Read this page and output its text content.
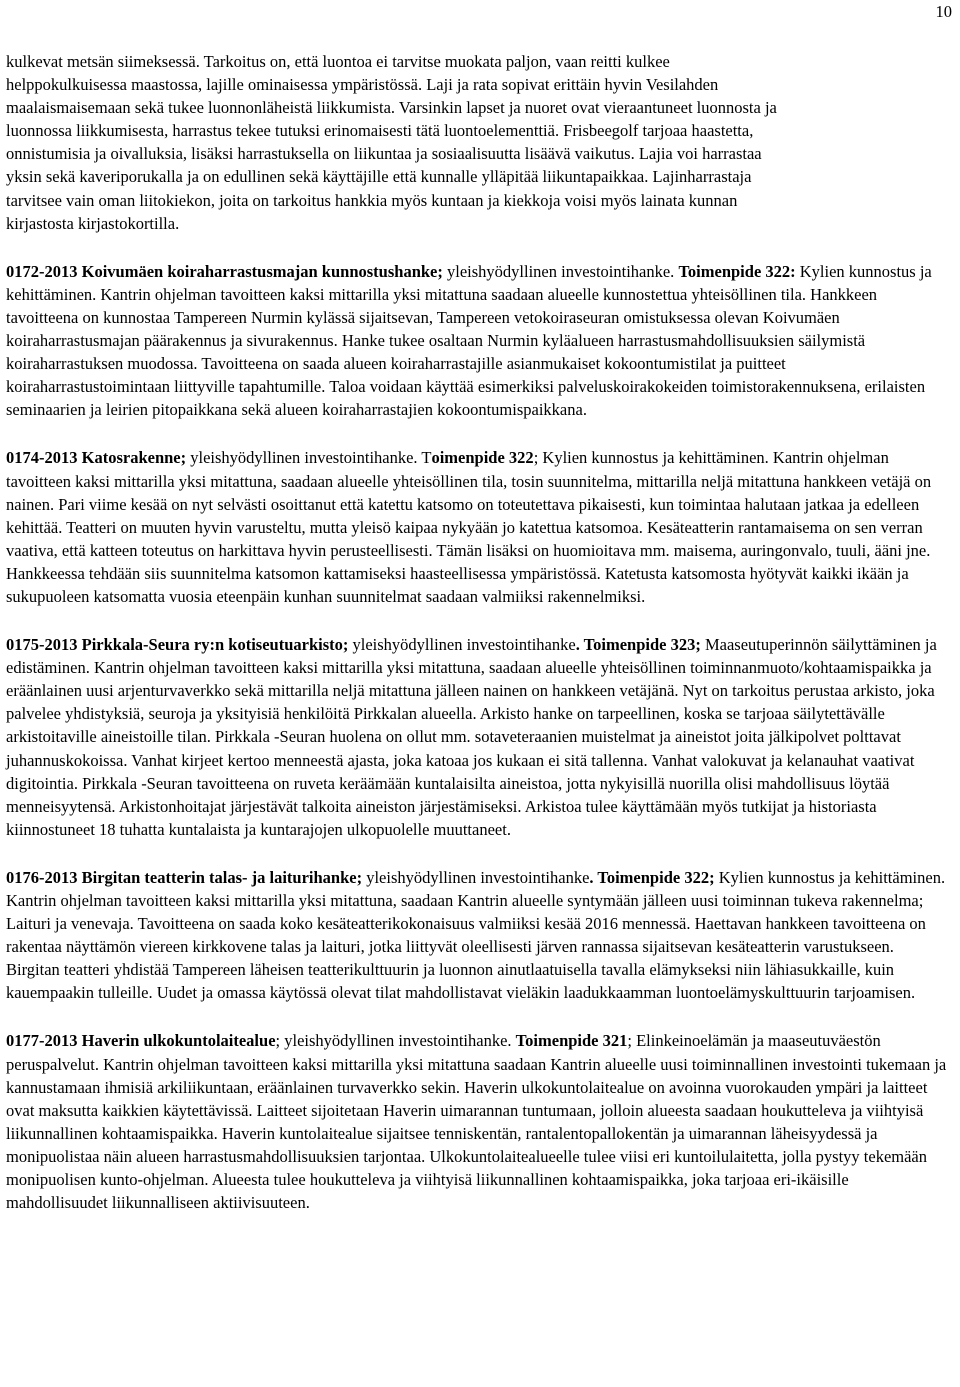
10

kulkevat metsän siimeksessä. Tarkoitus on, että luontoa ei tarvitse muokata paljon, vaan reitti kulkee
helppokulkuisessa maastossa, lajille ominaisessa ympäristössä. Laji ja rata sopivat erittäin hyvin Vesilahden
maalaismaisemaan sekä tukee luonnonläheistä liikkumista. Varsinkin lapset ja nuoret ovat vieraantuneet luonnosta ja
luonnossa liikkumisesta, harrastus tekee tutuksi erinomaisesti tätä luontoelementtiä. Frisbeegolf tarjoaa haastetta,
onnistumisia ja oivalluksia, lisäksi harrastuksella on liikuntaa ja sosiaalisuutta lisäävä vaikutus. Lajia voi harrastaa
yksin sekä kaveriporukalla ja on edullinen sekä käyttäjille että kunnalle ylläpitää liikuntapaikkaa. Lajinharrastaja
tarvitsee vain oman liitokiekon, joita on tarkoitus hankkia myös kuntaan ja kiekkoja voisi myös lainata kunnan
kirjastosta kirjastokortilla.

0172-2013 Koivumäen koiraharrastusmajan kunnostushanke; yleishyödyllinen investointihanke. Toimenpide 322: Kylien kunnostus ja kehittäminen. Kantrin ohjelman tavoitteen kaksi mittarilla yksi mitattuna saadaan alueelle kunnostettua yhteisöllinen tila. Hankkeen tavoitteena on kunnostaa Tampereen Nurmin kylässä sijaitsevan, Tampereen vetokoiraseuran omistuksessa olevan Koivumäen koiraharrastusmajan päärakennus ja sivurakennus. Hanke tukee osaltaan Nurmin kyläalueen harrastusmahdollisuuksien säilymistä koiraharrastuksen muodossa. Tavoitteena on saada alueen koiraharrastajille asianmukaiset kokoontumistilat ja puitteet koiraharrastustoimintaan liittyville tapahtumille. Taloa voidaan käyttää esimerkiksi palveluskoirakokeiden toimistorakennuksena, erilaisten seminaarien ja leirien pitopaikkana sekä alueen koiraharrastajien kokoontumispaikkana.

0174-2013 Katosrakenne; yleishyödyllinen investointihanke. Toimenpide 322; Kylien kunnostus ja kehittäminen. Kantrin ohjelman tavoitteen kaksi mittarilla yksi mitattuna, saadaan alueelle yhteisöllinen tila, tosin suunnitelma, mittarilla neljä mitattuna hankkeen vetäjä on nainen. Pari viime kesää on nyt selvästi osoittanut että katettu katsomo on toteutettava pikaisesti, kun toimintaa halutaan jatkaa ja edelleen kehittää. Teatteri on muuten hyvin varusteltu, mutta yleisö kaipaa nykyään jo katettua katsomoa. Kesäteatterin rantamaisema on sen verran vaativa, että katteen toteutus on harkittava hyvin perusteellisesti. Tämän lisäksi on huomioitava mm. maisema, auringonvalo, tuuli, ääni jne. Hankkeessa tehdään siis suunnitelma katsomon kattamiseksi haasteellisessa ympäristössä. Katetusta katsomosta hyötyvät kaikki ikään ja sukupuoleen katsomatta vuosia eteenpäin kunhan suunnitelmat saadaan valmiiksi rakennelmiksi.

0175-2013 Pirkkala-Seura ry:n kotiseutuarkisto; yleishyödyllinen investointihanke. Toimenpide 323; Maaseutuperinnön säilyttäminen ja edistäminen. Kantrin ohjelman tavoitteen kaksi mittarilla yksi mitattuna, saadaan alueelle yhteisöllinen toiminnanmuoto/kohtaamispaikka ja eräänlainen uusi arjenturvaverkko sekä mittarilla neljä mitattuna jälleen nainen on hankkeen vetäjänä. Nyt on tarkoitus perustaa arkisto, joka palvelee yhdistyksiä, seuroja ja yksityisiä henkilöitä Pirkkalan alueella. Arkisto hanke on tarpeellinen, koska se tarjoaa säilytettävälle arkistoitaville aineistoille tilan. Pirkkala -Seuran huolena on ollut mm. sotaveteraanien muistelmat ja aineistot joita jälkipolvet polttavat juhannuskokoissa. Vanhat kirjeet kertoo menneestä ajasta, joka katoaa jos kukaan ei sitä tallenna. Vanhat valokuvat ja kelanauhat vaativat digitointia. Pirkkala -Seuran tavoitteena on ruveta keräämään kuntalaisilta aineistoa, jotta nykyisillä nuorilla olisi mahdollisuus löytää menneisyytensä. Arkistonhoitajat järjestävät talkoita aineiston järjestämiseksi. Arkistoa tulee käyttämään myös tutkijat ja historiasta kiinnostuneet 18 tuhatta kuntalaista ja kuntarajojen ulkopuolelle muuttaneet.

0176-2013 Birgitan teatterin talas- ja laiturihanke; yleishyödyllinen investointihanke. Toimenpide 322; Kylien kunnostus ja kehittäminen. Kantrin ohjelman tavoitteen kaksi mittarilla yksi mitattuna, saadaan Kantrin alueelle syntymään jälleen uusi toiminnan tukeva rakennelma; Laituri ja venevaja. Tavoitteena on saada koko kesäteatterikokonaisuus valmiiksi kesää 2016 mennessä. Haettavan hankkeen tavoitteena on rakentaa näyttämön viereen kirkkovene talas ja laituri, jotka liittyvät oleellisesti järven rannassa sijaitsevan kesäteatterin varustukseen. Birgitan teatteri yhdistää Tampereen läheisen teatterikulttuurin ja luonnon ainutlaatuisella tavalla elämykseksi niin lähiasukkaille, kuin kauempaakin tulleille. Uudet ja omassa käytössä olevat tilat mahdollistavat vieläkin laadukkaamman luontoelämyskulttuurin tarjoamisen.

0177-2013 Haverin ulkokuntolaitealue; yleishyödyllinen investointihanke. Toimenpide 321; Elinkeinoelämän ja maaseutuväestön peruspalvelut. Kantrin ohjelman tavoitteen kaksi mittarilla yksi mitattuna saadaan Kantrin alueelle uusi toiminnallinen investointi tukemaan ja kannustamaan ihmisiä arkiliikuntaan, eräänlainen turvaverkko sekin. Haverin ulkokuntolaitealue on avoinna vuorokauden ympäri ja laitteet ovat maksutta kaikkien käytettävissä. Laitteet sijoitetaan Haverin uimarannan tuntumaan, jolloin alueesta saadaan houkutteleva ja viihtyisä liikunnallinen kohtaamispaikka. Haverin kuntolaitealue sijaitsee tenniskentän, rantalentopallokentän ja uimarannan läheisyydessä ja monipuolistaa näin alueen harrastusmahdollisuuksien tarjontaa. Ulkokuntolaitealueelle tulee viisi eri kuntoilulaitetta, jolla pystyy tekemään monipuolisen kunto-ohjelman. Alueesta tulee houkutteleva ja viihtyisä liikunnallinen kohtaamispaikka, joka tarjoaa eri-ikäisille mahdollisuudet liikunnalliseen aktiivisuuteen.
